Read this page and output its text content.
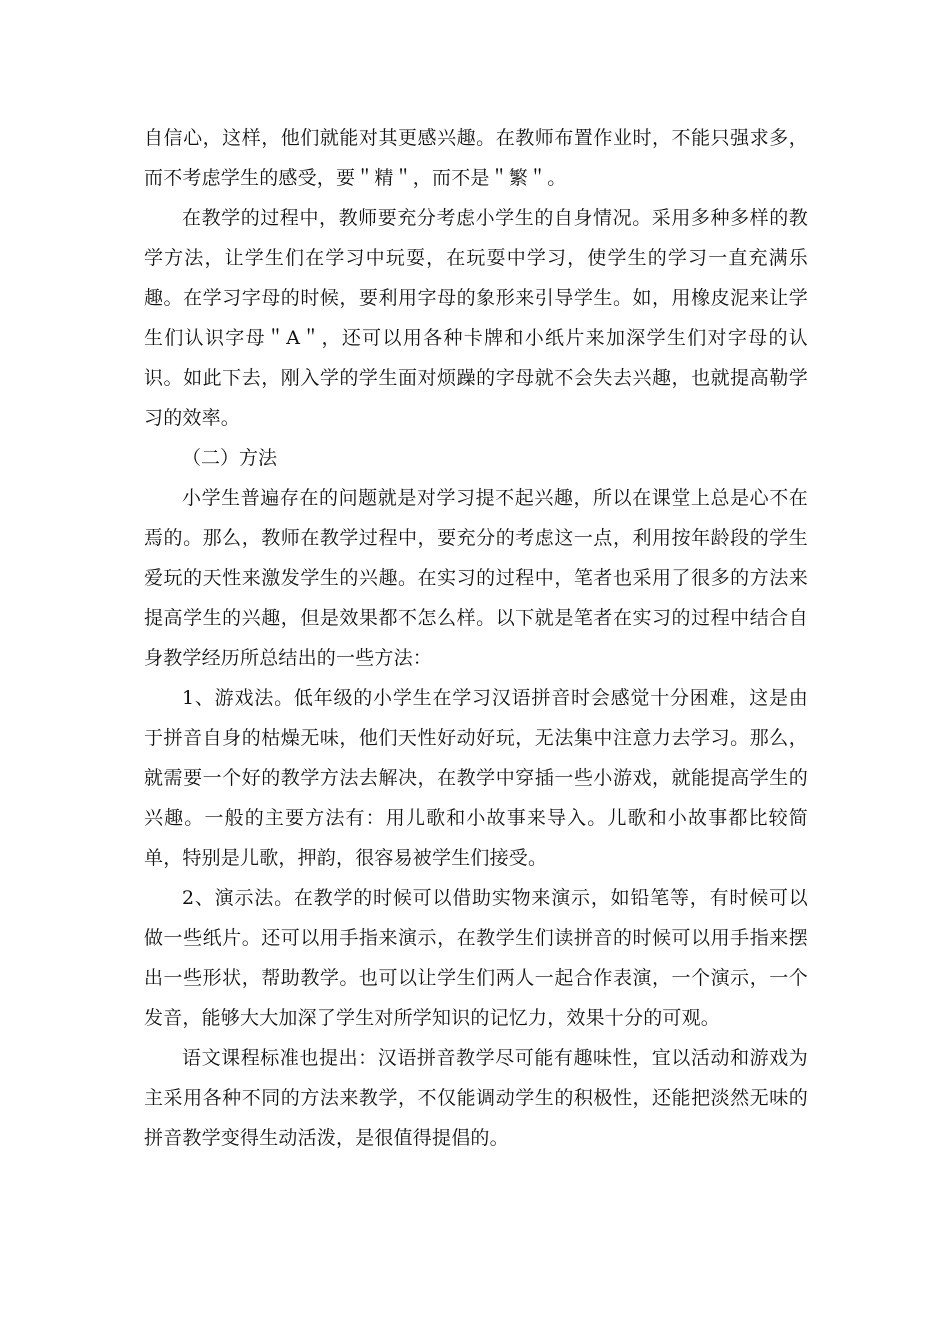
自信心，这样，他们就能对其更感兴趣。在教师布置作业时，不能只强求多，而不考虑学生的感受，要＂精＂，而不是＂繁＂。

在教学的过程中，教师要充分考虑小学生的自身情况。采用多种多样的教学方法，让学生们在学习中玩耍，在玩耍中学习，使学生的学习一直充满乐趣。在学习字母的时候，要利用字母的象形来引导学生。如，用橡皮泥来让学生们认识字母＂A＂，还可以用各种卡牌和小纸片来加深学生们对字母的认识。如此下去，刚入学的学生面对烦躁的字母就不会失去兴趣，也就提高勒学习的效率。

（二）方法

小学生普遍存在的问题就是对学习提不起兴趣，所以在课堂上总是心不在焉的。那么，教师在教学过程中，要充分的考虑这一点，利用按年龄段的学生爱玩的天性来激发学生的兴趣。在实习的过程中，笔者也采用了很多的方法来提高学生的兴趣，但是效果都不怎么样。以下就是笔者在实习的过程中结合自身教学经历所总结出的一些方法：

1、游戏法。低年级的小学生在学习汉语拼音时会感觉十分困难，这是由于拼音自身的枯燥无味，他们天性好动好玩，无法集中注意力去学习。那么，就需要一个好的教学方法去解决，在教学中穿插一些小游戏，就能提高学生的兴趣。一般的主要方法有：用儿歌和小故事来导入。儿歌和小故事都比较简单，特别是儿歌，押韵，很容易被学生们接受。

2、演示法。在教学的时候可以借助实物来演示，如铅笔等，有时候可以做一些纸片。还可以用手指来演示，在教学生们读拼音的时候可以用手指来摆出一些形状，帮助教学。也可以让学生们两人一起合作表演，一个演示，一个发音，能够大大加深了学生对所学知识的记忆力，效果十分的可观。

语文课程标准也提出：汉语拼音教学尽可能有趣味性，宜以活动和游戏为主采用各种不同的方法来教学，不仅能调动学生的积极性，还能把淡然无味的拼音教学变得生动活泼，是很值得提倡的。
